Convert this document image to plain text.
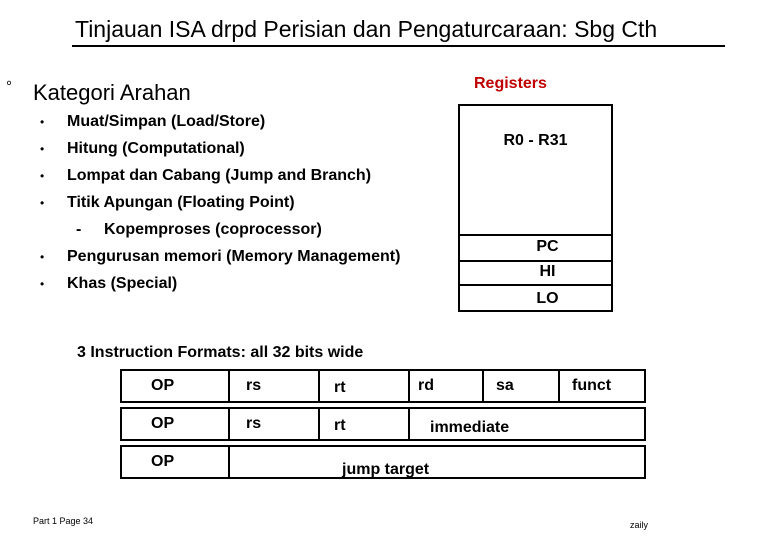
Tinjauan ISA drpd Perisian dan Pengaturcaraan: Sbg Cth
° Kategori Arahan
• Muat/Simpan (Load/Store)
• Hitung (Computational)
• Lompat dan Cabang (Jump and Branch)
• Titik Apungan (Floating Point)
- Kopemproses (coprocessor)
• Pengurusan memori (Memory Management)
• Khas (Special)
Registers
R0 - R31
PC
HI
LO
3 Instruction Formats: all 32 bits wide
OP	rs	rt	rd	sa	funct
OP	rs	rt	immediate
OP	jump target
Part 1 Page 34	zaily
